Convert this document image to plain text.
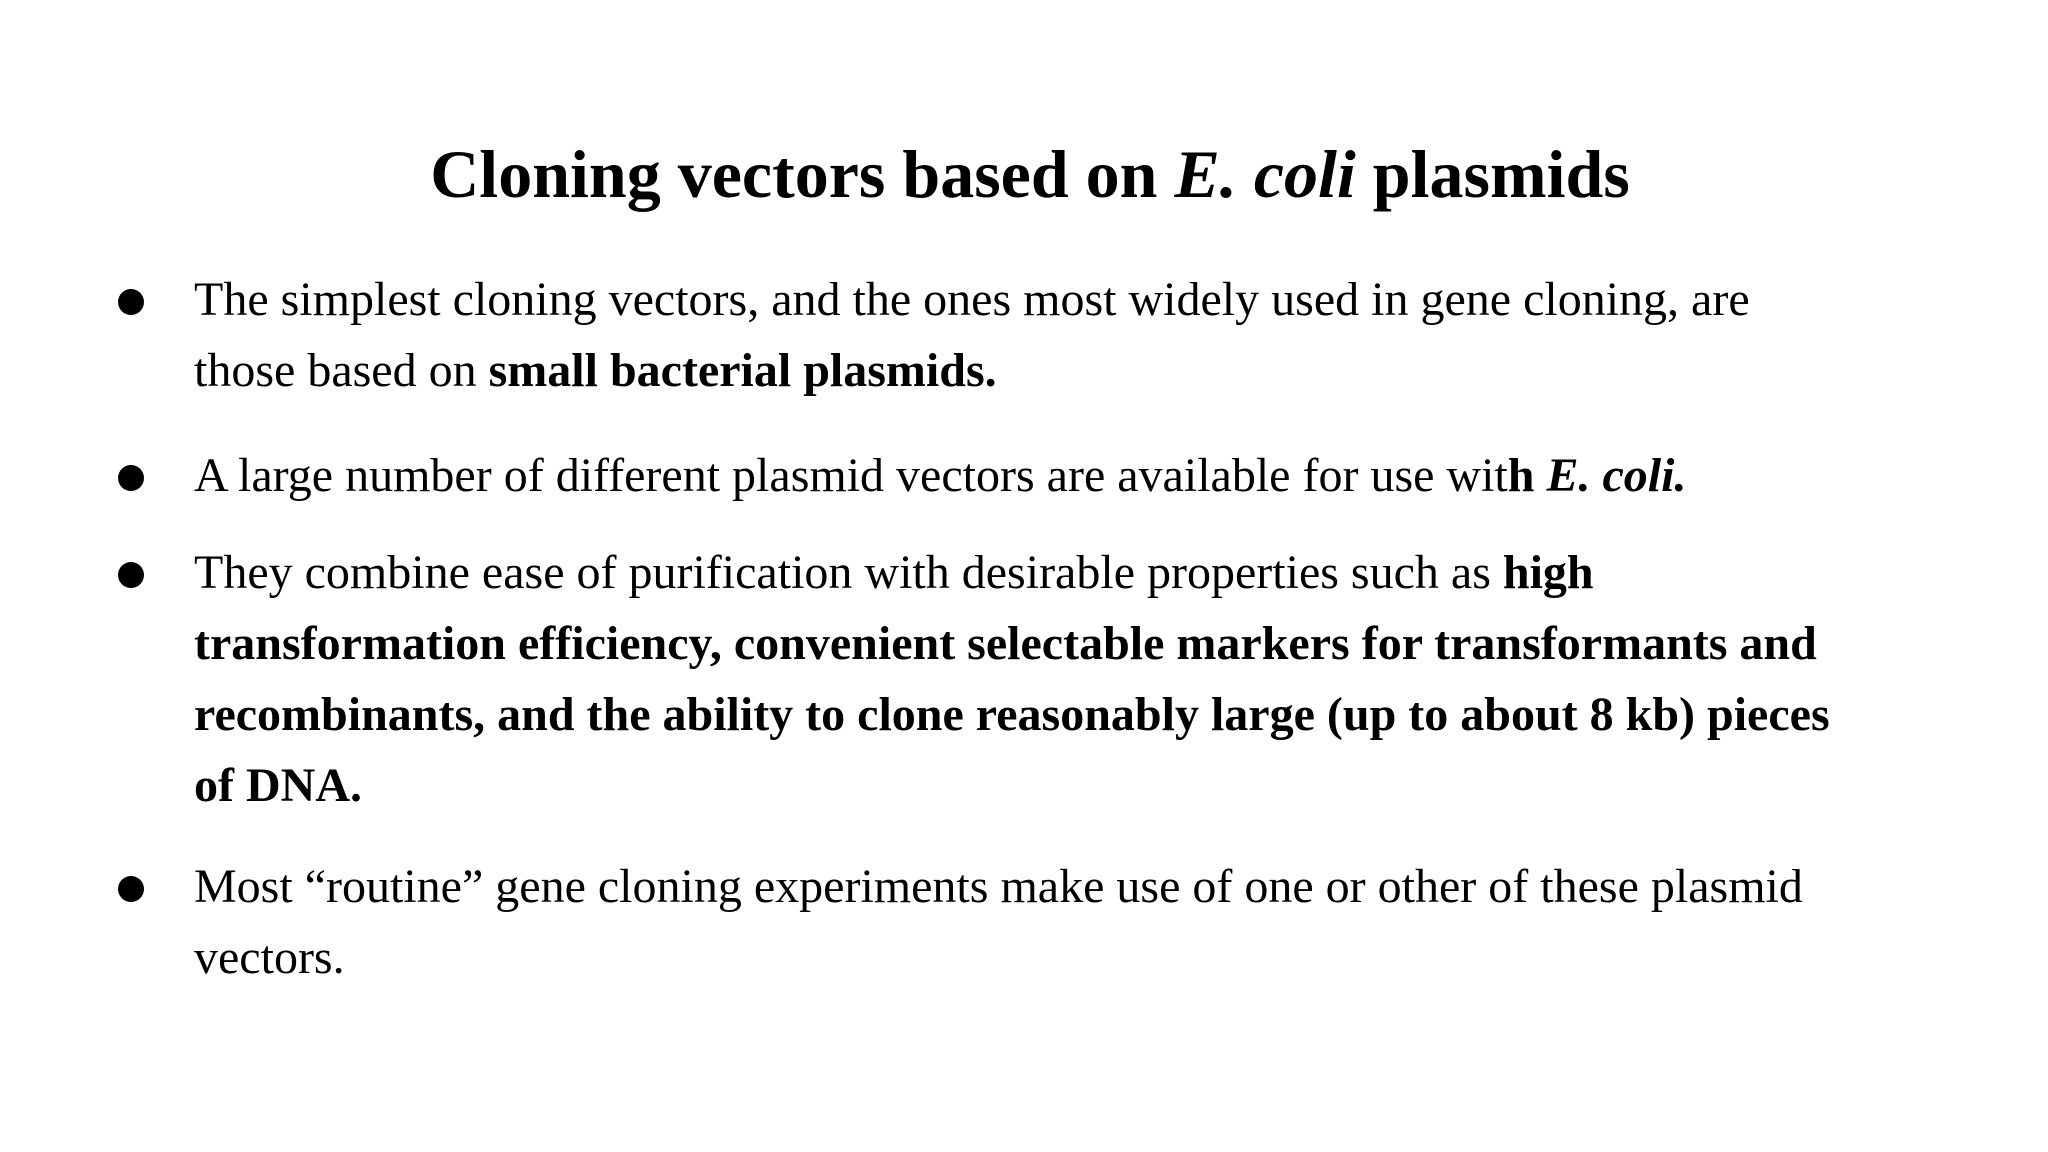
Cloning vectors based on E. coli plasmids
The simplest cloning vectors, and the ones most widely used in gene cloning, are
those based on small bacterial plasmids.
A large number of different plasmid vectors are available for use with E. coli.
They combine ease of purification with desirable properties such as high
transformation efficiency, convenient selectable markers for transformants and
recombinants, and the ability to clone reasonably large (up to about 8 kb) pieces
of DNA.
Most “routine” gene cloning experiments make use of one or other of these plasmid
vectors.
